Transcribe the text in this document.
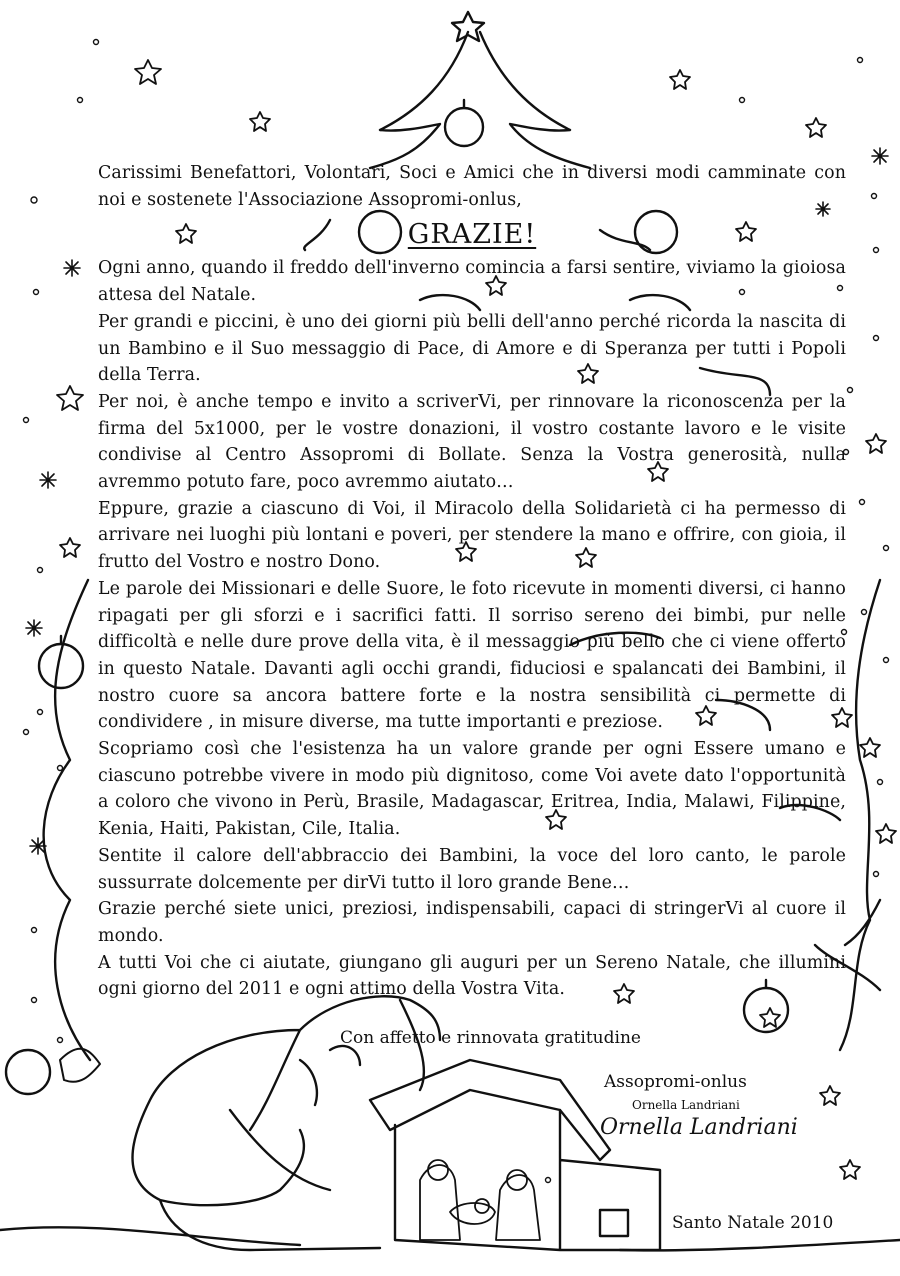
Ornella Landriani

Carissimi Benefattori, Volontari, Soci e Amici che in diversi modi camminate con noi e sostenete l'Associazione Assopromi-onlus,

GRAZIE!

Ogni anno, quando il freddo dell'inverno comincia a farsi sentire, viviamo la gioiosa attesa del Natale.

Per grandi e piccini, è uno dei giorni più belli dell'anno perché ricorda la nascita di un Bambino e il Suo messaggio di Pace, di Amore e di Speranza per tutti i Popoli della Terra.

Per noi, è anche tempo e invito a scriverVi, per rinnovare la riconoscenza per la firma del 5x1000, per le vostre donazioni, il vostro costante lavoro e le visite condivise al Centro Assopromi di Bollate. Senza la Vostra generosità, nulla avremmo potuto fare, poco avremmo aiutato…

Eppure, grazie a ciascuno di Voi, il Miracolo della Solidarietà ci ha permesso di arrivare nei luoghi più lontani e poveri, per stendere la mano e offrire, con gioia, il frutto del Vostro e nostro Dono.

Le parole dei Missionari e delle Suore, le foto ricevute in momenti diversi, ci hanno ripagati per gli sforzi e i sacrifici fatti. Il sorriso sereno dei bimbi, pur nelle difficoltà e nelle dure prove della vita, è il messaggio più bello che ci viene offerto in questo Natale. Davanti agli occhi grandi, fiduciosi e spalancati dei Bambini, il nostro cuore sa ancora battere forte e la nostra sensibilità ci permette di condividere , in misure diverse, ma tutte importanti e preziose.

Scopriamo così che l'esistenza ha un valore grande per ogni Essere umano e ciascuno potrebbe vivere in modo più dignitoso, come Voi avete dato l'opportunità a coloro che vivono in Perù, Brasile, Madagascar, Eritrea, India, Malawi, Filippine, Kenia, Haiti, Pakistan, Cile, Italia.

Sentite il calore dell'abbraccio dei Bambini, la voce del loro canto, le parole sussurrate dolcemente per dirVi tutto il loro grande Bene…

Grazie perché siete unici, preziosi, indispensabili, capaci di stringerVi al cuore il mondo.

A tutti Voi che ci aiutate, giungano gli auguri per un Sereno Natale, che illumini ogni giorno del 2011 e ogni attimo della Vostra Vita.

Con affetto e rinnovata gratitudine
Assopromi-onlus
Ornella Landriani
Santo Natale 2010
